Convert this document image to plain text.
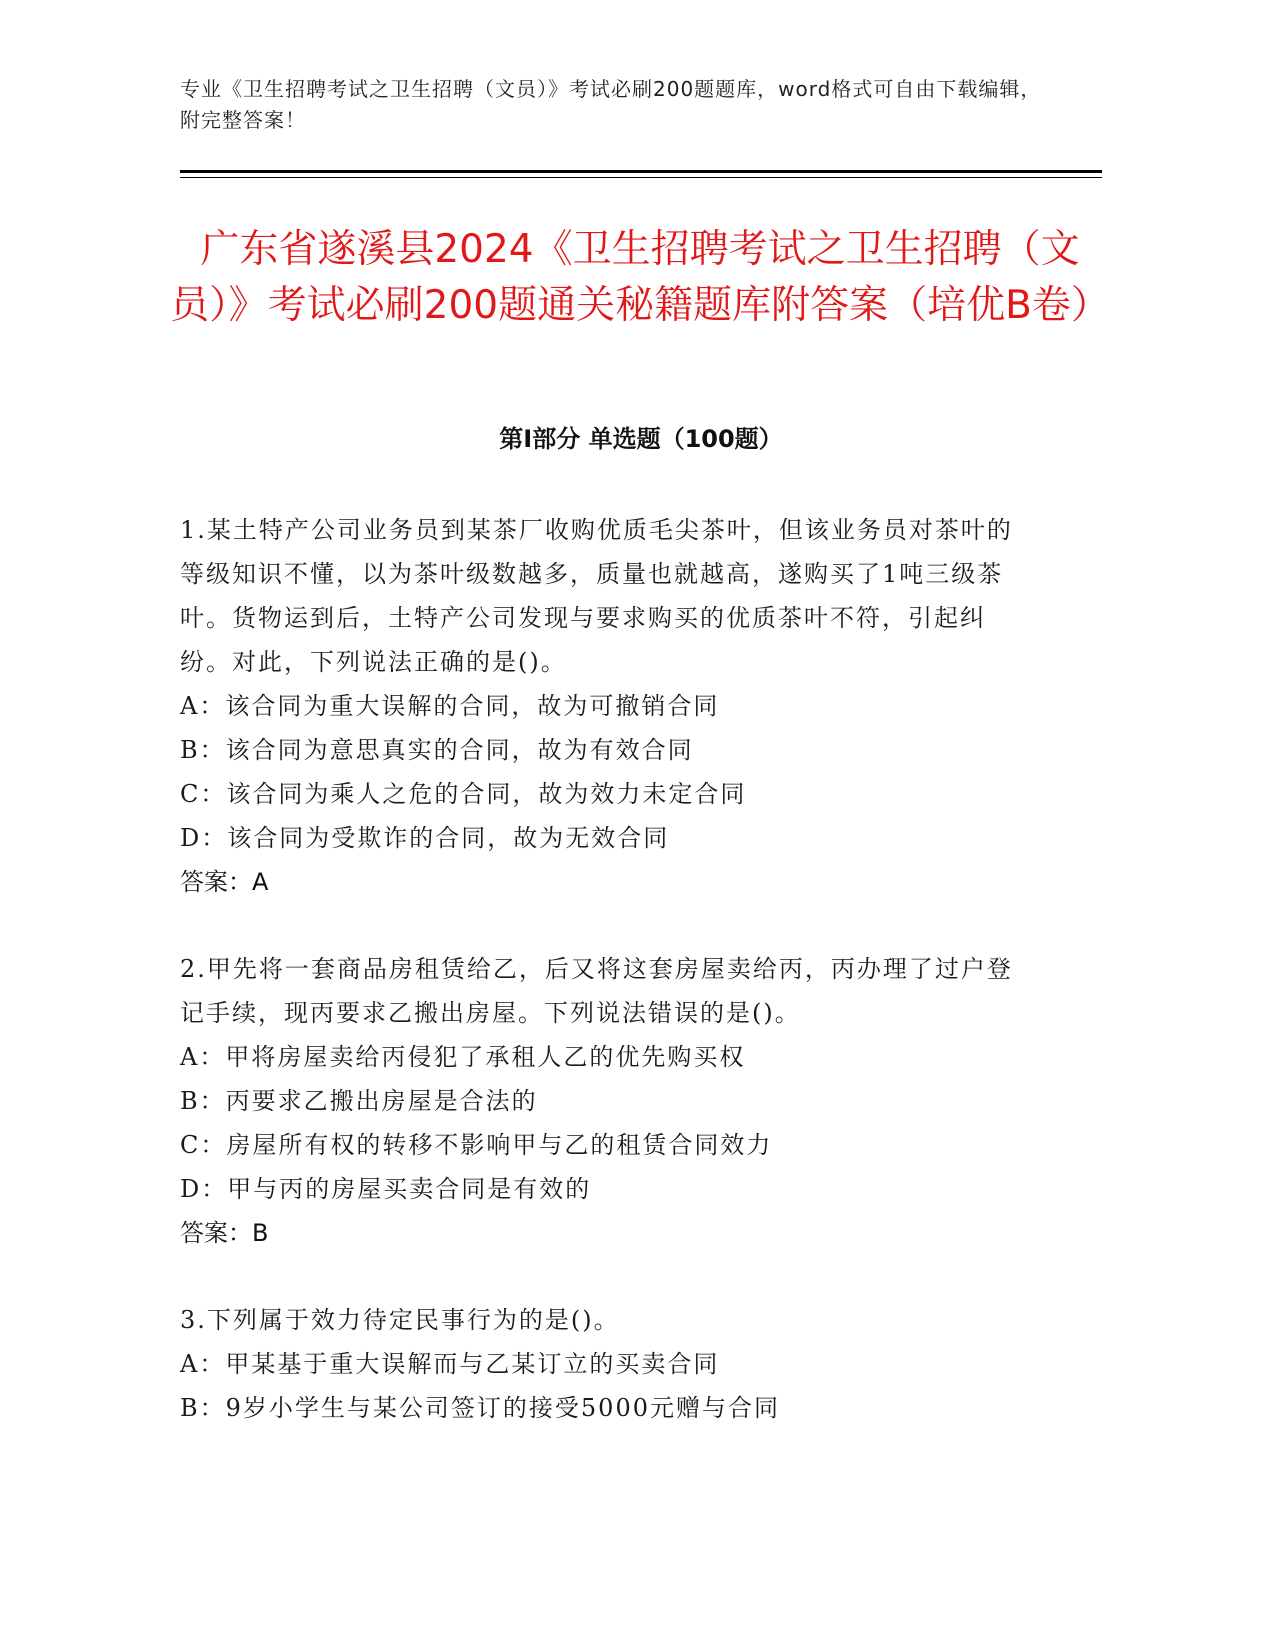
专业《卫生招聘考试之卫生招聘（文员）》考试必刷200题题库，word格式可自由下载编辑，附完整答案！
广东省遂溪县2024《卫生招聘考试之卫生招聘（文员）》考试必刷200题通关秘籍题库附答案（培优B卷）
第I部分 单选题（100题）

1.某土特产公司业务员到某茶厂收购优质毛尖茶叶，但该业务员对茶叶的等级知识不懂，以为茶叶级数越多，质量也就越高，遂购买了1吨三级茶叶。货物运到后，土特产公司发现与要求购买的优质茶叶不符，引起纠纷。对此，下列说法正确的是()。

A：该合同为重大误解的合同，故为可撤销合同

B：该合同为意思真实的合同，故为有效合同

C：该合同为乘人之危的合同，故为效力未定合同

D：该合同为受欺诈的合同，故为无效合同

答案：A

2.甲先将一套商品房租赁给乙，后又将这套房屋卖给丙，丙办理了过户登记手续，现丙要求乙搬出房屋。下列说法错误的是()。

A：甲将房屋卖给丙侵犯了承租人乙的优先购买权

B：丙要求乙搬出房屋是合法的

C：房屋所有权的转移不影响甲与乙的租赁合同效力

D：甲与丙的房屋买卖合同是有效的

答案：B

3.下列属于效力待定民事行为的是()。

A：甲某基于重大误解而与乙某订立的买卖合同

B：9岁小学生与某公司签订的接受5000元赠与合同
